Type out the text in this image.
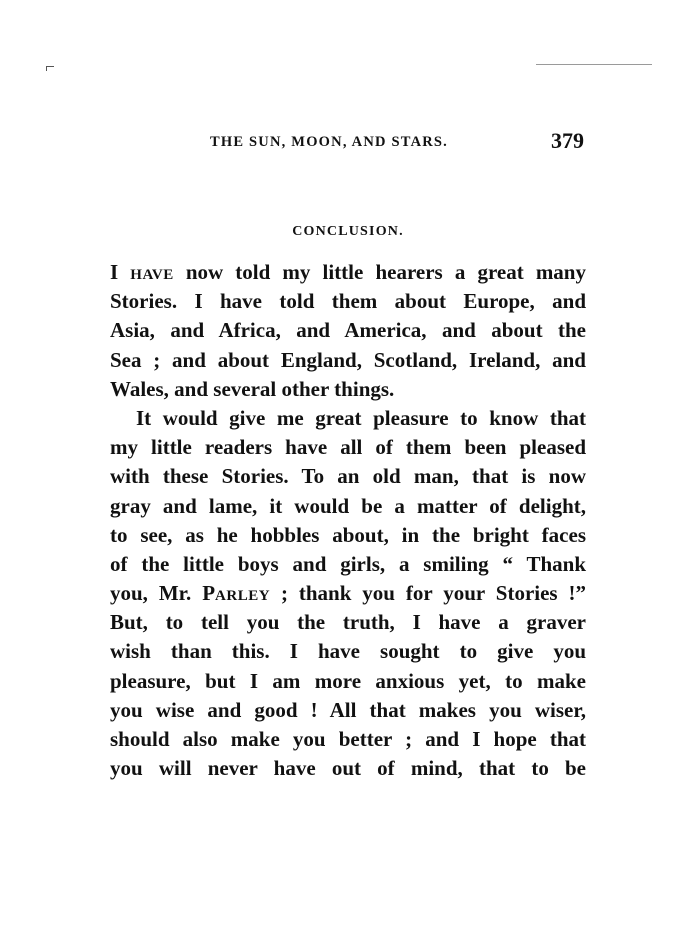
THE SUN, MOON, AND STARS.	379
CONCLUSION.
I HAVE now told my little hearers a great many
Stories. I have told them about Europe, and
Asia, and Africa, and America, and about the
Sea ; and about England, Scotland, Ireland, and
Wales, and several other things.
It would give me great pleasure to know that
my little readers have all of them been pleased
with these Stories. To an old man, that is now
gray and lame, it would be a matter of delight,
to see, as he hobbles about, in the bright faces
of the little boys and girls, a smiling “ Thank
you, Mr. PARLEY ; thank you for your Stories !”
But, to tell you the truth, I have a graver
wish than this. I have sought to give you
pleasure, but I am more anxious yet, to make
you wise and good ! All that makes you wiser,
should also make you better ; and I hope that
you will never have out of mind, that to be
